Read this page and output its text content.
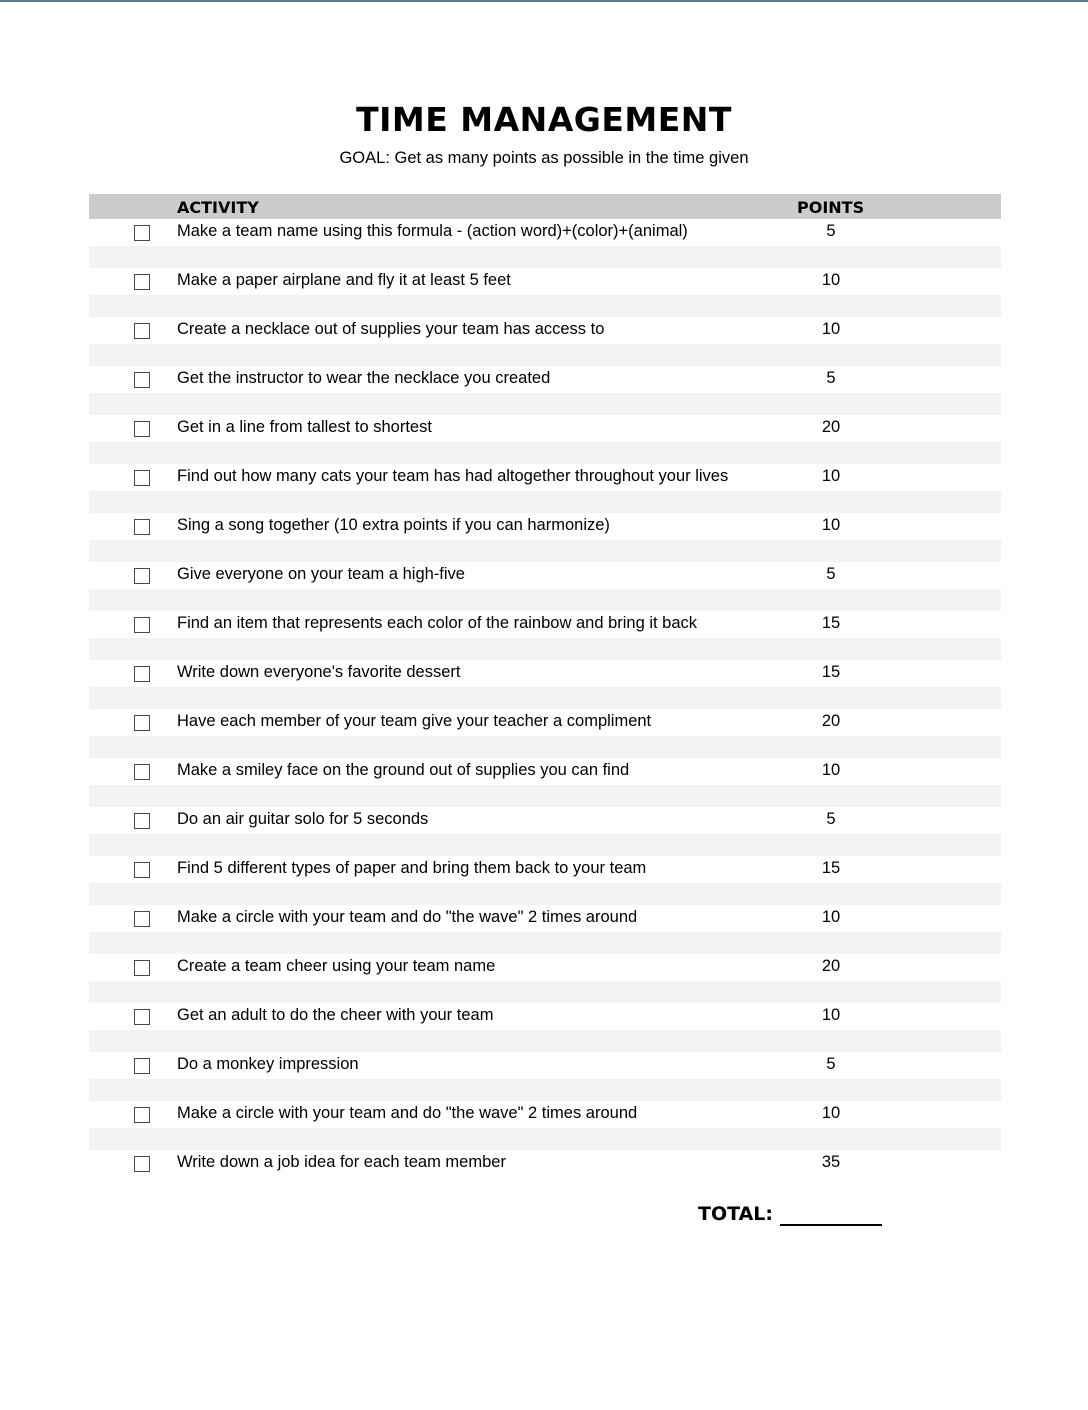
TIME MANAGEMENT
GOAL: Get as many points as possible in the time given
ACTIVITY	POINTS
Make a team name using this formula - (action word)+(color)+(animal)	5
Make a paper airplane and fly it at least 5 feet	10
Create a necklace out of supplies your team has access to	10
Get the instructor to wear the necklace you created	5
Get in a line from tallest to shortest	20
Find out how many cats your team has had altogether throughout your lives	10
Sing a song together (10 extra points if you can harmonize)	10
Give everyone on your team a high-five	5
Find an item that represents each color of the rainbow and bring it back	15
Write down everyone's favorite dessert	15
Have each member of your team give your teacher a compliment	20
Make a smiley face on the ground out of supplies you can find	10
Do an air guitar solo for 5 seconds	5
Find 5 different types of paper and bring them back to your team	15
Make a circle with your team and do "the wave" 2 times around	10
Create a team cheer using your team name	20
Get an adult to do the cheer with your team	10
Do a monkey impression	5
Make a circle with your team and do "the wave" 2 times around	10
Write down a job idea for each team member	35
TOTAL:
